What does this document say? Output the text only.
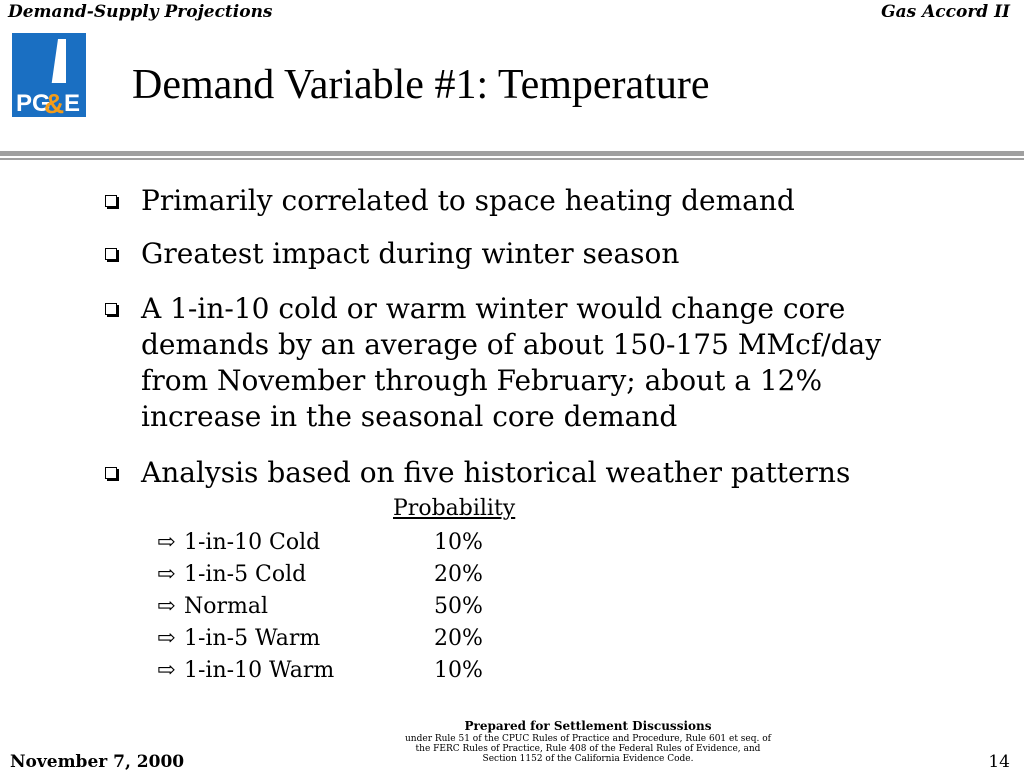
Demand-Supply Projections	Gas Accord II
PG
& E Demand Variable #1: Temperature
Primarily correlated to space heating demand
Greatest impact during winter season
A 1-in-10 cold or warm winter would change core demands by an average of about 150-175 MMcf/day from November through February; about a 12% increase in the seasonal core demand
Analysis based on five historical weather patterns
Probability
⇨ 1-in-10 Cold	10%
⇨ 1-in-5 Cold	20%
⇨ Normal	50%
⇨ 1-in-5 Warm	20%
⇨ 1-in-10 Warm	10%
November 7, 2000
Prepared for Settlement Discussions
under Rule 51 of the CPUC Rules of Practice and Procedure, Rule 601 et seq. of
the FERC Rules of Practice, Rule 408 of the Federal Rules of Evidence, and
Section 1152 of the California Evidence Code.	14
